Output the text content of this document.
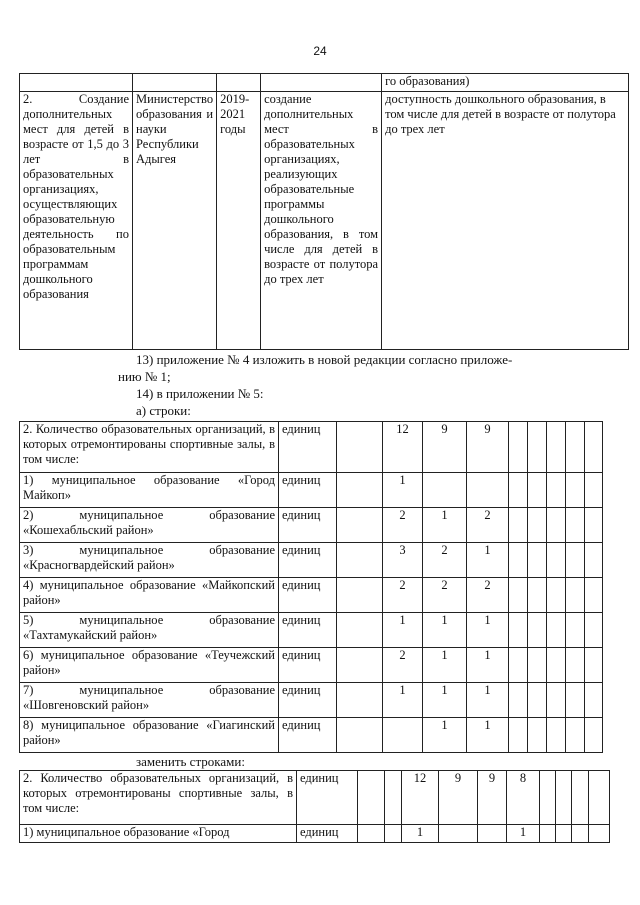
24
				го образования)
2. Создание дополнительных мест для детей в возрасте от 1,5 до 3 лет в образовательных организациях, осуществляющих образовательную деятельность по образовательным программам дошкольного образования	Министерство образования и науки Республики Адыгея	2019-2021 годы	создание дополнительных мест в образовательных организациях, реализующих образовательные программы дошкольного образования, в том числе для детей в возрасте от полутора до трех лет	доступность дошкольного образования, в том числе для детей в возрасте от полутора до трех лет
13) приложение № 4 изложить в новой редакции согласно приложе-
нию № 1;
14) в приложении № 5:
а) строки:
2. Количество образовательных организаций, в которых отремонтированы спортивные залы, в том числе:	единиц		12	9	9					
1) муниципальное образование «Город Майкоп»	единиц		1							
2) муниципальное образование «Кошехабльский район»	единиц		2	1	2					
3) муниципальное образование «Красногвардейский район»	единиц		3	2	1					
4) муниципальное образование «Майкопский район»	единиц		2	2	2					
5) муниципальное образование «Тахтамукайский район»	единиц		1	1	1					
6) муниципальное образование «Теучежский район»	единиц		2	1	1					
7) муниципальное образование «Шовгеновский район»	единиц		1	1	1					
8) муниципальное образование «Гиагинский район»	единиц			1	1					
заменить строками:
2. Количество образовательных организаций, в которых отремонтированы спортивные залы, в том числе:	единиц			12	9	9	8				
1) муниципальное образование «Город	единиц			1			1				
